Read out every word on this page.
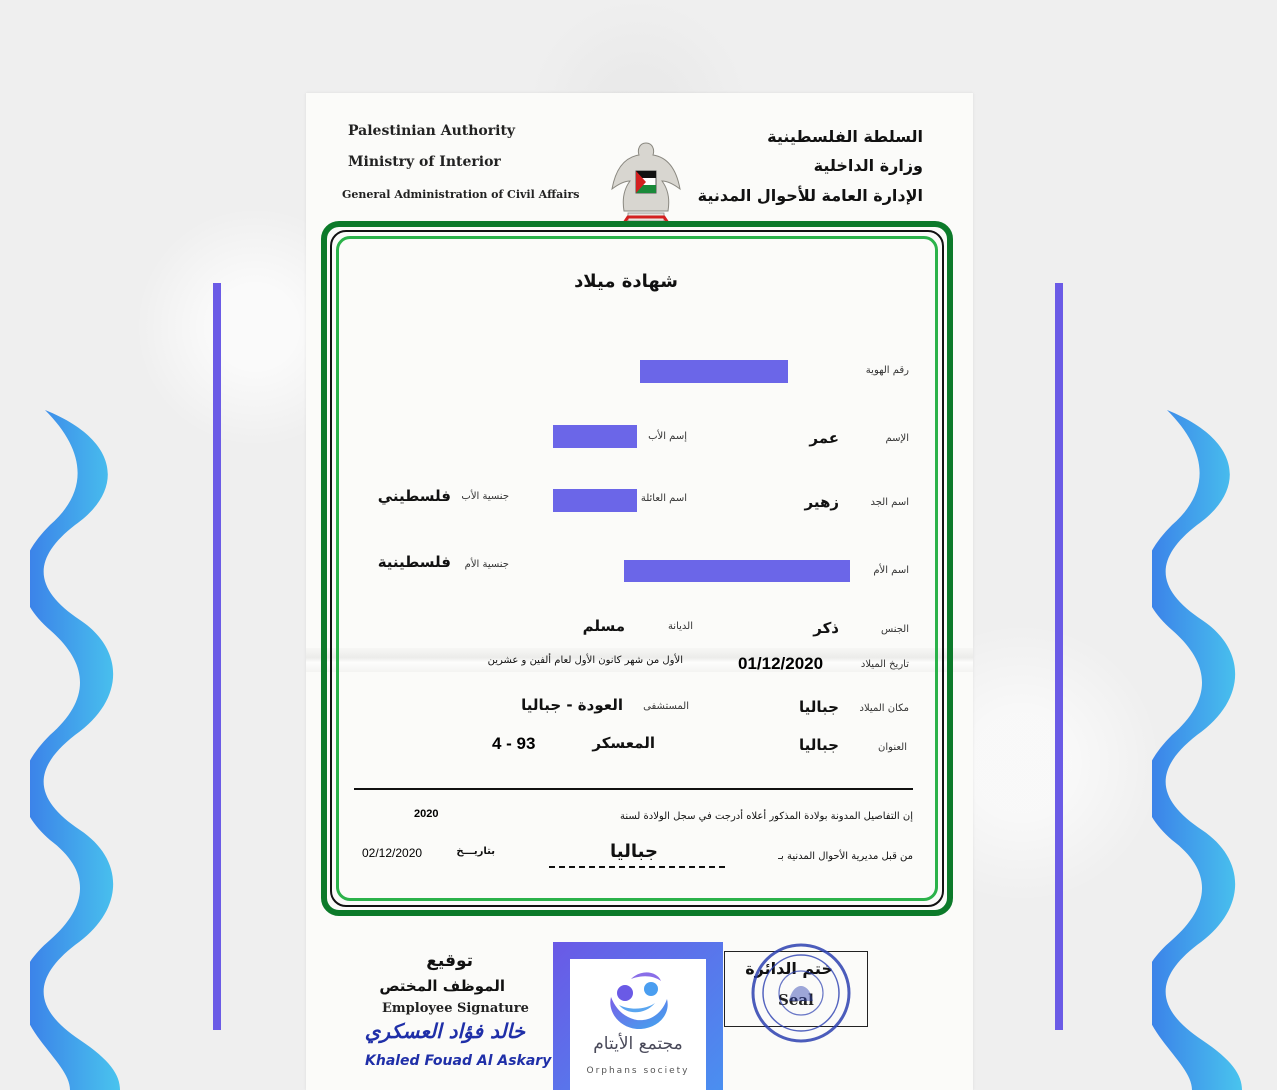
Palestinian Authority
Ministry of Interior
General Administration of Civil Affairs
السلطة الفلسطينية
وزارة الداخلية
الإدارة العامة للأحوال المدنية
شهادة ميلاد
رقم الهوية
الإسم
عمر
إسم الأب
اسم الجد
زهير
اسم العائلة
جنسية الأب
فلسطيني
اسم الأم
جنسية الأم
فلسطينية
الجنس
ذكر
الديانة
مسلم
تاريخ الميلاد
01/12/2020
الأول من شهر كانون الأول لعام ألفين و عشرين
مكان الميلاد
جباليا
المستشفى
العودة - جباليا
العنوان
جباليا
المعسكر
4 - 93
إن التفاصيل المدونة بولادة المذكور أعلاه أدرجت في سجل الولادة لسنة
2020
من قبل مديرية الأحوال المدنية بـ
جباليا
بتاريـــخ
02/12/2020
توقيع
الموظف المختص
Employee Signature
خالد فؤاد العسكري
Khaled Fouad Al Askary
ختم الدائرة
Seal
مجتمع الأيتام
Orphans society
